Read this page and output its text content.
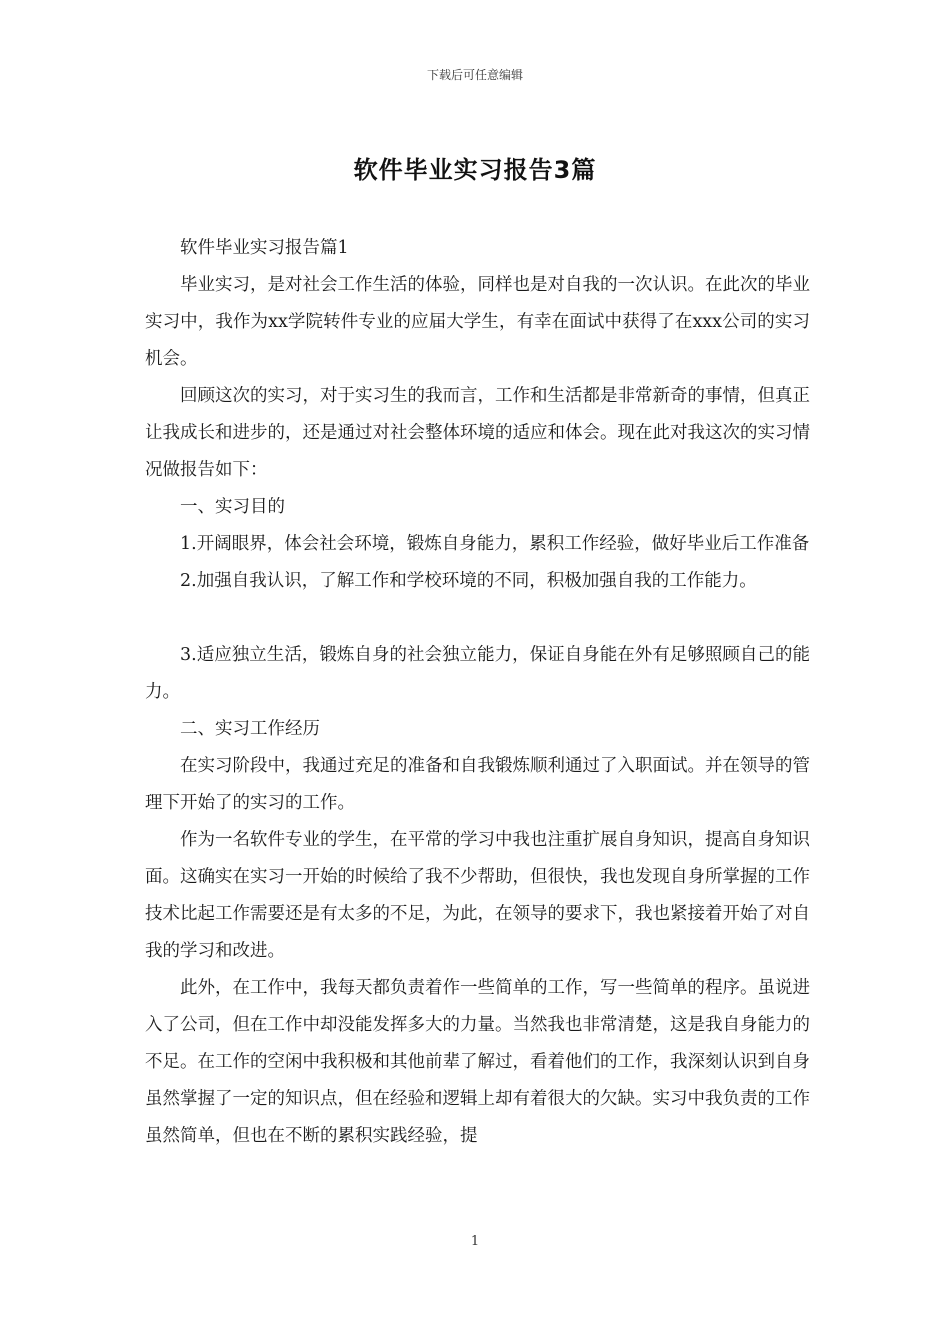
下载后可任意编辑
软件毕业实习报告3篇

软件毕业实习报告篇1

毕业实习，是对社会工作生活的体验，同样也是对自我的一次认识。在此次的毕业实习中，我作为xx学院转件专业的应届大学生，有幸在面试中获得了在xxx公司的实习机会。

回顾这次的实习，对于实习生的我而言，工作和生活都是非常新奇的事情，但真正让我成长和进步的，还是通过对社会整体环境的适应和体会。现在此对我这次的实习情况做报告如下：

一、实习目的

1.开阔眼界，体会社会环境，锻炼自身能力，累积工作经验，做好毕业后工作准备

2.加强自我认识，了解工作和学校环境的不同，积极加强自我的工作能力。

3.适应独立生活，锻炼自身的社会独立能力，保证自身能在外有足够照顾自己的能力。

二、实习工作经历

在实习阶段中，我通过充足的准备和自我锻炼顺利通过了入职面试。并在领导的管理下开始了的实习的工作。

作为一名软件专业的学生，在平常的学习中我也注重扩展自身知识，提高自身知识面。这确实在实习一开始的时候给了我不少帮助，但很快，我也发现自身所掌握的工作技术比起工作需要还是有太多的不足，为此，在领导的要求下，我也紧接着开始了对自我的学习和改进。

此外，在工作中，我每天都负责着作一些简单的工作，写一些简单的程序。虽说进入了公司，但在工作中却没能发挥多大的力量。当然我也非常清楚，这是我自身能力的不足。在工作的空闲中我积极和其他前辈了解过，看着他们的工作，我深刻认识到自身虽然掌握了一定的知识点，但在经验和逻辑上却有着很大的欠缺。实习中我负责的工作虽然简单，但也在不断的累积实践经验，提

1
